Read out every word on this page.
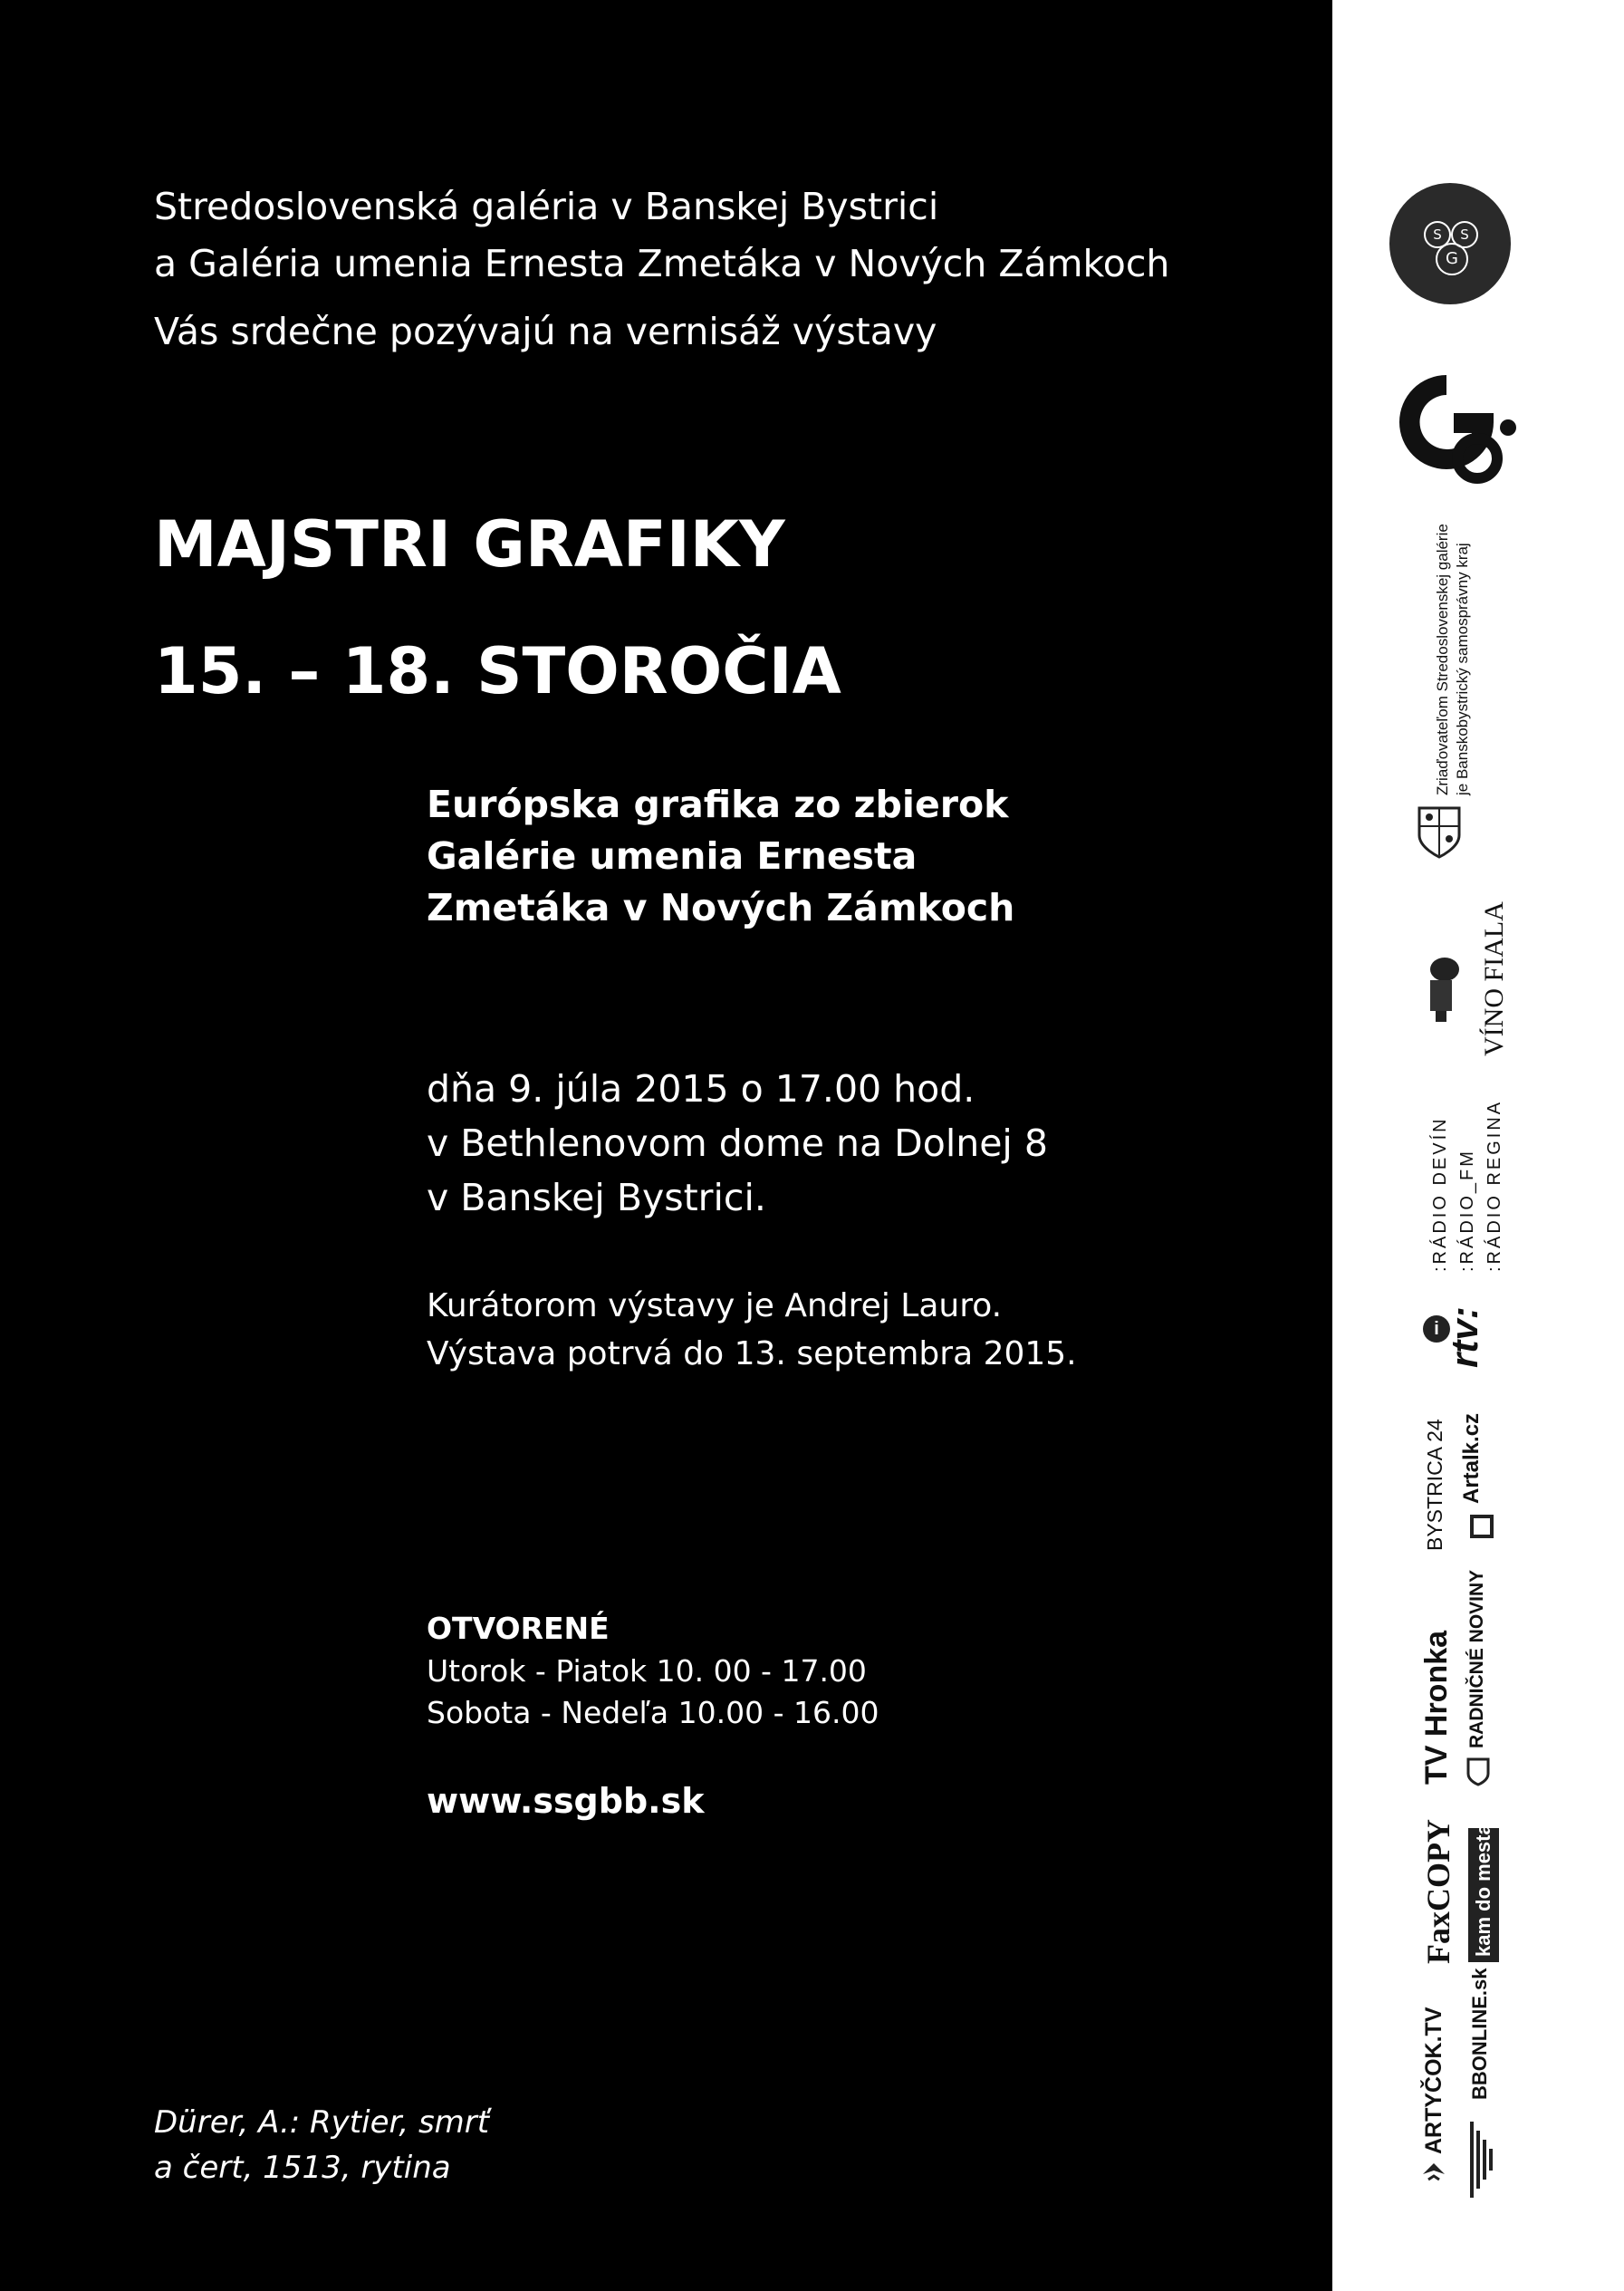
Stredoslovenská galéria v Banskej Bystrici

a Galéria umenia Ernesta Zmetáka v Nových Zámkoch

Vás srdečne pozývajú na vernisáž výstavy

MAJSTRI GRAFIKY
15. – 18. STOROČIA

Európska grafika zo zbierok

Galérie umenia Ernesta

Zmetáka v Nových Zámkoch

dňa 9. júla 2015 o 17.00 hod.

v Bethlenovom dome na Dolnej 8

v Banskej Bystrici.

Kurátorom výstavy je Andrej Lauro.

Výstava potrvá do 13. septembra 2015.

OTVORENÉ

Utorok - Piatok 10. 00 - 17.00

Sobota - Nedeľa 10.00 - 16.00

www.ssgbb.sk

Dürer, A.: Rytier, smrť

a čert, 1513, rytina

S	S
G

Zriaďovateľom Stredoslovenskej galérie je Banskobystrický samosprávny kraj

VÍNO FIALA

:RÁDIO DEVÍN :RÁDIO_FM :RÁDIO REGINA

i rtv:

BYSTRICA 24 Artalk.cz

TV Hronka RADNIČNÉ NOVINY

FaxCOPY kam do mesta

ARTYČOK.TV BBONLINE.sk
